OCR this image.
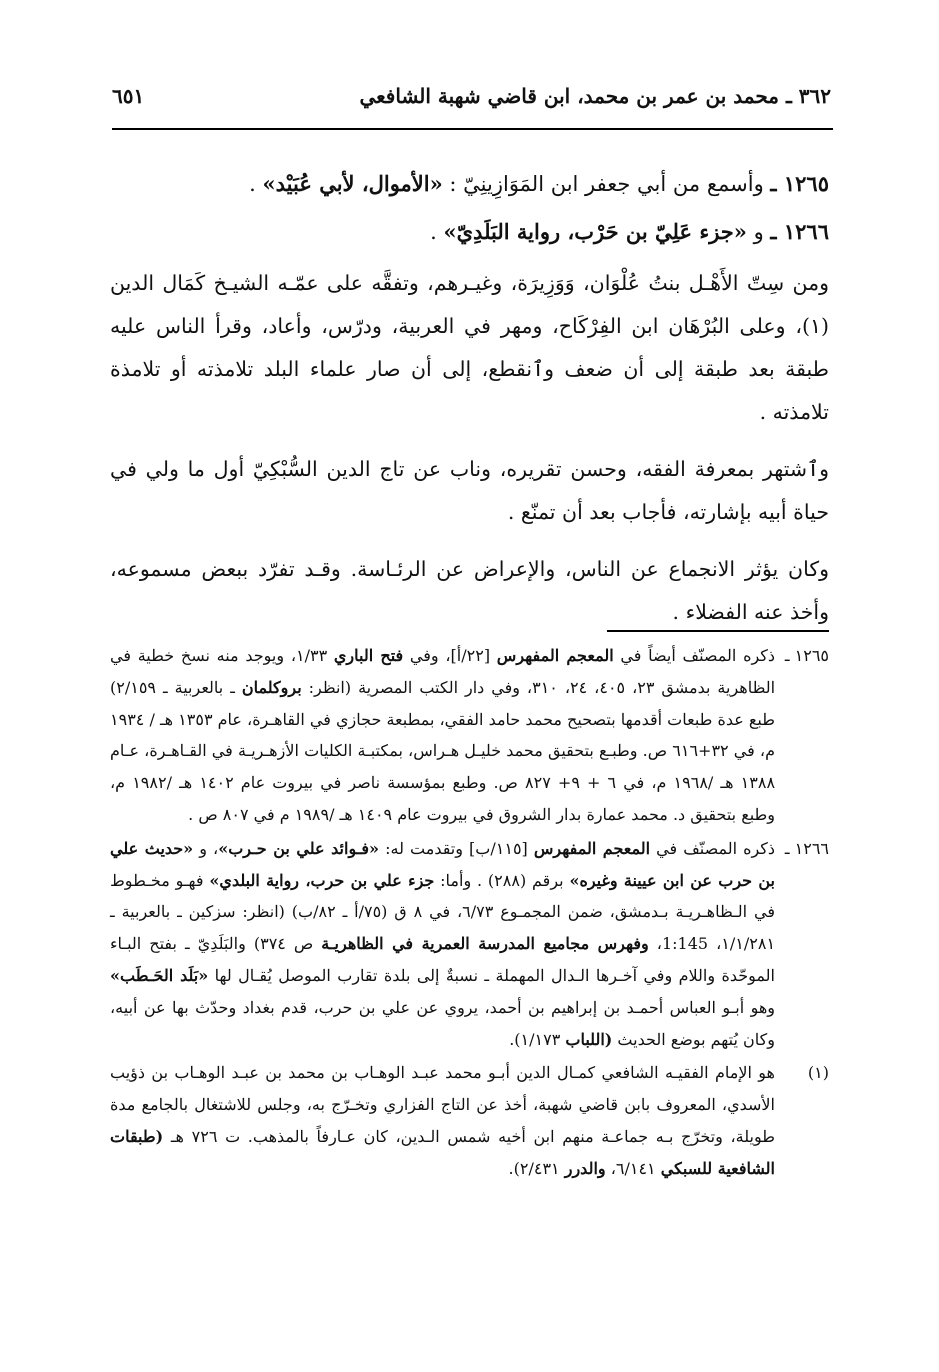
٣٦٢ ـ محمد بن عمر بن محمد، ابن قاضي شهبة الشافعي
٦٥١

١٢٦٥ ـ وأسمع من أبي جعفر ابن المَوَازِينِيّ : «الأموال، لأبي عُبَيْد» .

١٢٦٦ ـ و «جزء عَلِيّ بن حَرْب، رواية البَلَدِيّ» .

ومن سِتّ الأَهْـل بنتُ عُلْوَان، وَوَزِيرَة، وغيـرهم، وتفقَّه على عمّـه الشيـخ كَمَال الدين (١)، وعلى البُرْهَان ابن الفِرْكَاح، ومهر في العربية، ودرّس، وأعاد، وقرأ الناس عليه طبقة بعد طبقة إلى أن ضعف وٱنقطع، إلى أن صار علماء البلد تلامذته أو تلامذة تلامذته .

وٱشتهر بمعرفة الفقه، وحسن تقريره، وناب عن تاج الدين السُّبْكِيّ أول ما ولي في حياة أبيه بإشارته، فأجاب بعد أن تمنّع .

وكان يؤثر الانجماع عن الناس، والإعراض عن الرئـاسة. وقـد تفرّد ببعض مسموعه، وأخذ عنه الفضلاء .

١٢٦٥ ـ
ذكره المصنّف أيضاً في المعجم المفهرس [٢٢/أ]، وفي فتح الباري ١/٣٣، ويوجد منه نسخ خطية في الظاهرية بدمشق ٢٣، ٤٠٥، ٢٤، ٣١٠، وفي دار الكتب المصرية (انظر: بروكلمان ـ بالعربية ـ ٢/١٥٩) طبع عدة طبعات أقدمها بتصحيح محمد حامد الفقي، بمطبعة حجازي في القاهـرة، عام ١٣٥٣ هـ / ١٩٣٤ م، في ٣٢+٦١٦ ص. وطبـع بتحقيق محمد خليـل هـراس، بمكتبـة الكليات الأزهـريـة في القـاهـرة، عـام ١٣٨٨ هـ /١٩٦٨ م، في ٦ + ٩+ ٨٢٧ ص. وطبع بمؤسسة ناصر في بيروت عام ١٤٠٢ هـ /١٩٨٢ م، وطبع بتحقيق د. محمد عمارة بدار الشروق في بيروت عام ١٤٠٩ هـ /١٩٨٩ م في ٨٠٧ ص .

١٢٦٦ ـ
ذكره المصنّف في المعجم المفهرس [١١٥/ب] وتقدمت له: «فـوائد علي بن حـرب»، و «حديث علي بن حرب عن ابن عيينة وغيره» برقم (٢٨٨) . وأما: جزء علي بن حرب، رواية البلدي» فهـو مخـطوط في الـظاهـريـة بـدمشق، ضمن المجمـوع ٦/٧٣، في ٨ ق (٧٥/أ ـ ٨٢/ب) (انظر: سزكين ـ بالعربية ـ ١/١/٢٨١، 1:145، وفهرس مجاميع المدرسة العمرية في الظاهريـة ص ٣٧٤) والبَلَدِيّ ـ بفتح البـاء الموحّدة واللام وفي آخـرها الـدال المهملة ـ نسبةٌ إلى بلدة تقارب الموصل يُقـال لها «بَلَد الحَـطَب» وهو أبـو العباس أحمـد بن إبراهيم بن أحمد، يروي عن علي بن حرب، قدم بغداد وحدّث بها عن أبيه، وكان يُتهم بوضع الحديث (اللباب ١/١٧٣).

(١)
هو الإمام الفقيـه الشافعي كمـال الدين أبـو محمد عبـد الوهـاب بن محمد بن عبـد الوهـاب بن ذؤيب الأسدي، المعروف بابن قاضي شهبة، أخذ عن التاج الفزاري وتخـرّج به، وجلس للاشتغال بالجامع مدة طويلة، وتخرّج بـه جماعـة منهم ابن أخيه شمس الـدين، كان عـارفاً بالمذهب. ت ٧٢٦ هـ (طبقات الشافعية للسبكي ٦/١٤١، والدرر ٢/٤٣١).
